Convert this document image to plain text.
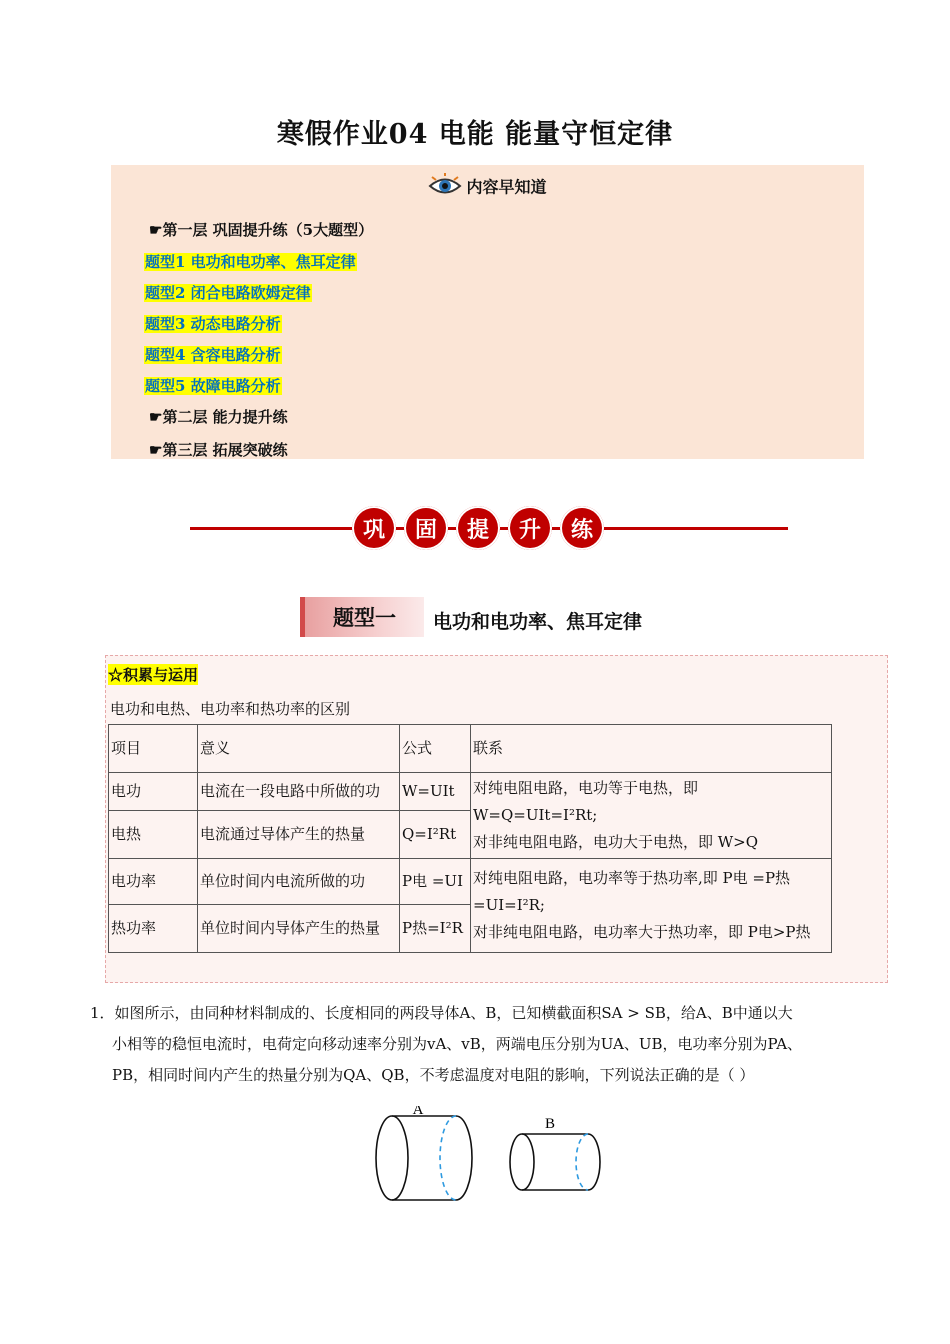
寒假作业04 电能 能量守恒定律
内容早知道
☛第一层 巩固提升练（5大题型）
题型1 电功和电功率、焦耳定律
题型2 闭合电路欧姆定律
题型3 动态电路分析
题型4 含容电路分析
题型5 故障电路分析
☛第二层 能力提升练
☛第三层 拓展突破练
巩	固	提	升	练
题型一	电功和电功率、焦耳定律
☆积累与运用
电功和电热、电功率和热功率的区别
项目	意义	公式	联系
电功	电流在一段电路中所做的功	W=UIt	对纯电阻电路，电功等于电热，即
W=Q=UIt=I²Rt;
对非纯电阻电路，电功大于电热，即 W>Q

电热	电流通过导体产生的热量	Q=I²Rt	
电功率	单位时间内电流所做的功	P电 =UI	对纯电阻电路，电功率等于热功率,即 P电 =P热
=UI=I²R;
对非纯电阻电路，电功率大于热功率，即 P电>P热

热功率	单位时间内导体产生的热量	P热=I²R	
1．如图所示，由同种材料制成的、长度相同的两段导体A、B，已知横截面积SA > SB，给A、B中通以大
小相等的稳恒电流时，电荷定向移动速率分别为vA、vB，两端电压分别为UA、UB，电功率分别为PA、
PB，相同时间内产生的热量分别为QA、QB，不考虑温度对电阻的影响，下列说法正确的是（ ）
A
B
